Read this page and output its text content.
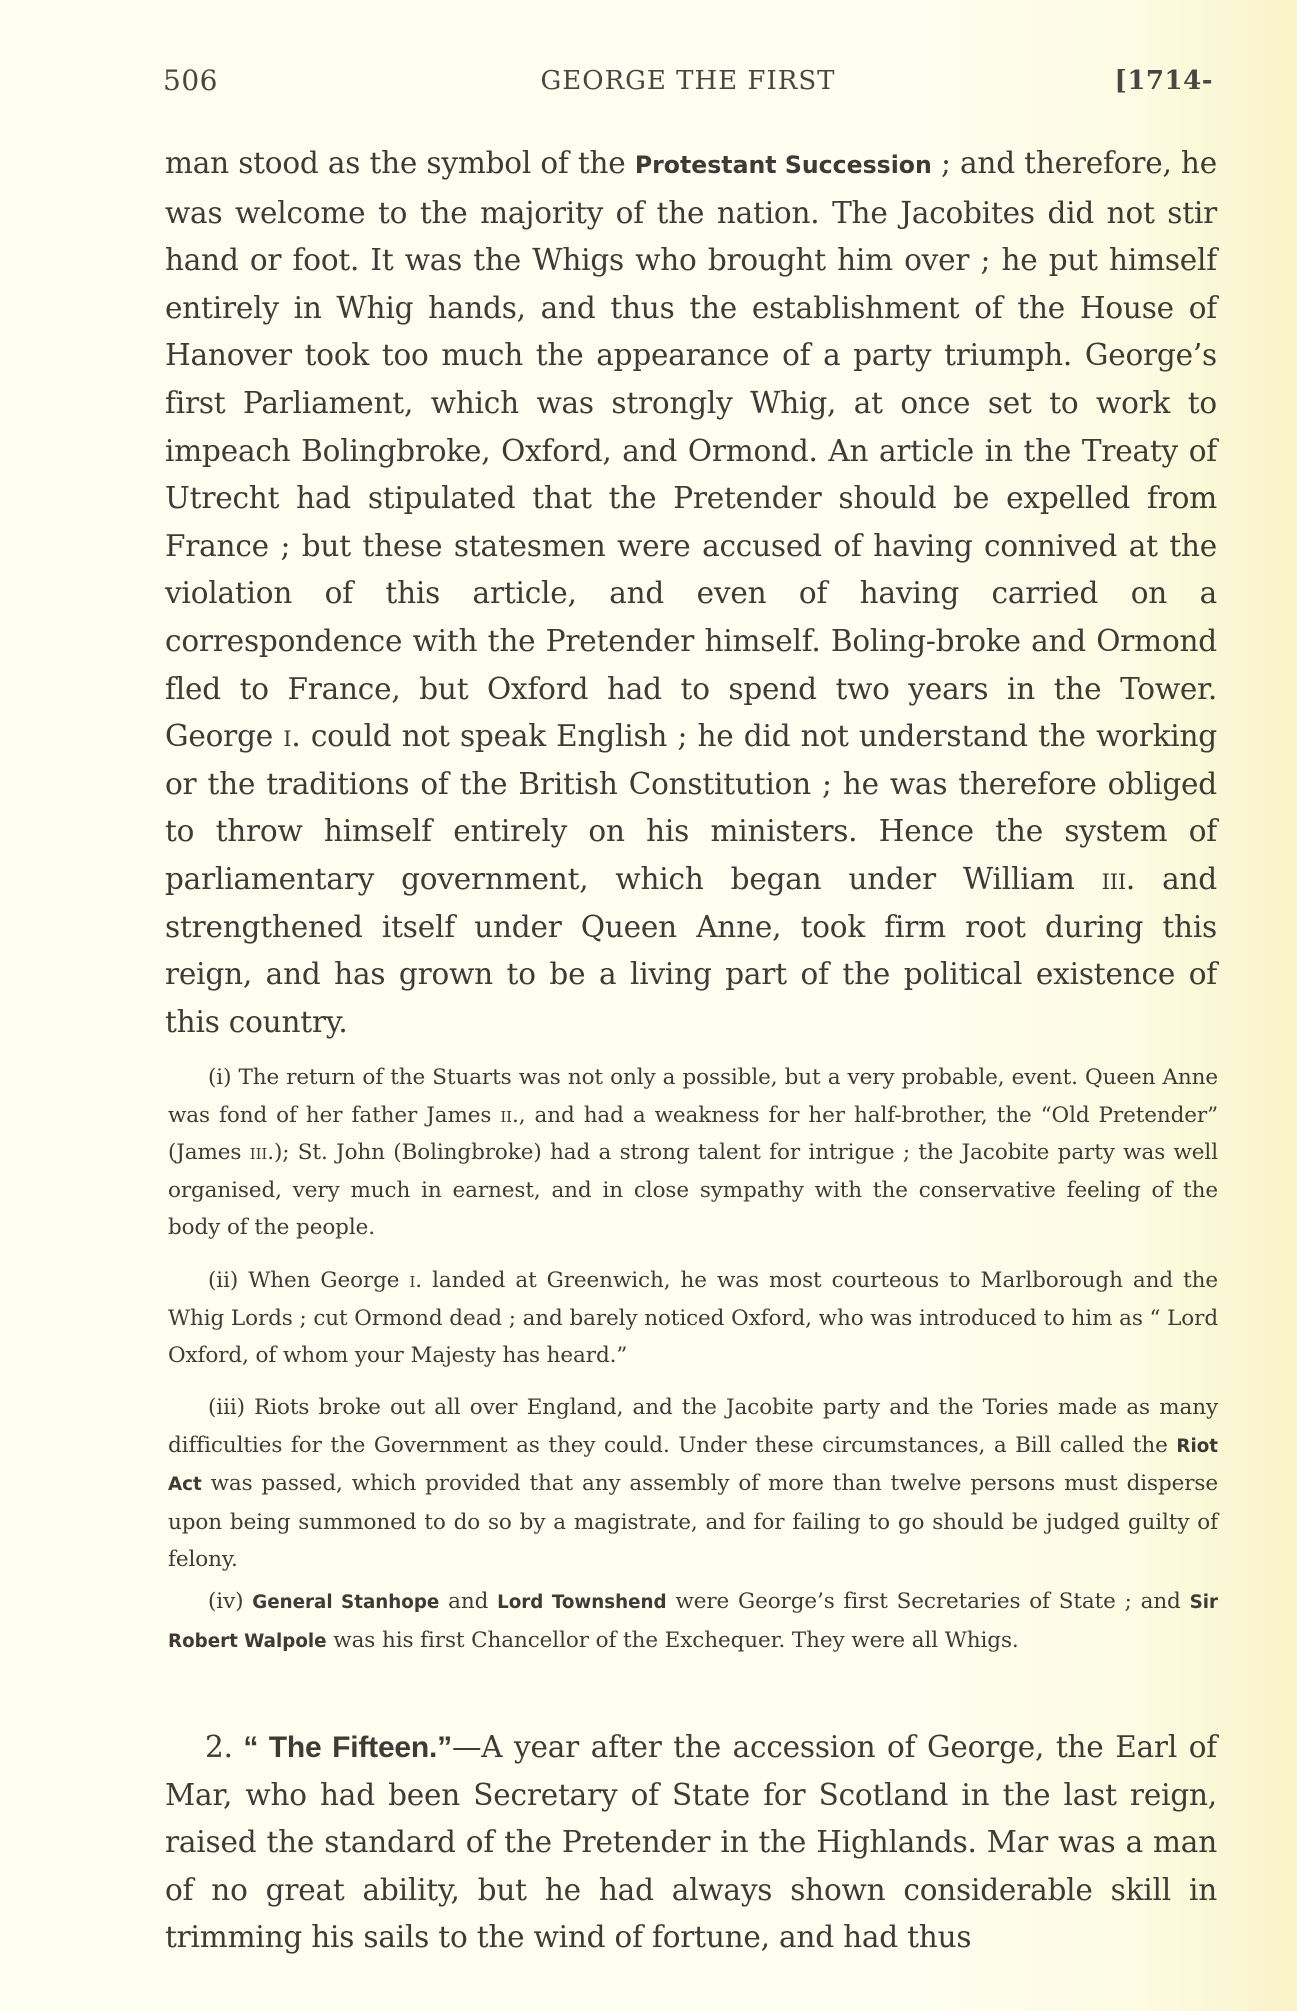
506	GEORGE THE FIRST	[1714-

man stood as the symbol of the Protestant Succession ; and therefore, he was welcome to the majority of the nation. The Jacobites did not stir hand or foot. It was the Whigs who brought him over ; he put himself entirely in Whig hands, and thus the establishment of the House of Hanover took too much the appearance of a party triumph. George’s first Parliament, which was strongly Whig, at once set to work to impeach Bolingbroke, Oxford, and Ormond. An article in the Treaty of Utrecht had stipulated that the Pretender should be expelled from France ; but these statesmen were accused of having connived at the violation of this article, and even of having carried on a correspondence with the Pretender himself. Boling-broke and Ormond fled to France, but Oxford had to spend two years in the Tower. George i. could not speak English ; he did not understand the working or the traditions of the British Constitution ; he was therefore obliged to throw himself entirely on his ministers. Hence the system of parliamentary government, which began under William iii. and strengthened itself under Queen Anne, took firm root during this reign, and has grown to be a living part of the political existence of this country.

(i) The return of the Stuarts was not only a possible, but a very probable, event. Queen Anne was fond of her father James ii., and had a weakness for her half-brother, the “Old Pretender” (James iii.); St. John (Bolingbroke) had a strong talent for intrigue ; the Jacobite party was well organised, very much in earnest, and in close sympathy with the conservative feeling of the body of the people.

(ii) When George i. landed at Greenwich, he was most courteous to Marlborough and the Whig Lords ; cut Ormond dead ; and barely noticed Oxford, who was introduced to him as “ Lord Oxford, of whom your Majesty has heard.”

(iii) Riots broke out all over England, and the Jacobite party and the Tories made as many difficulties for the Government as they could. Under these circumstances, a Bill called the Riot Act was passed, which provided that any assembly of more than twelve persons must disperse upon being summoned to do so by a magistrate, and for failing to go should be judged guilty of felony.

(iv) General Stanhope and Lord Townshend were George’s first Secretaries of State ; and Sir Robert Walpole was his first Chancellor of the Exchequer. They were all Whigs.

2. “ The Fifteen.”—A year after the accession of George, the Earl of Mar, who had been Secretary of State for Scotland in the last reign, raised the standard of the Pretender in the Highlands. Mar was a man of no great ability, but he had always shown considerable skill in trimming his sails to the wind of fortune, and had thus
